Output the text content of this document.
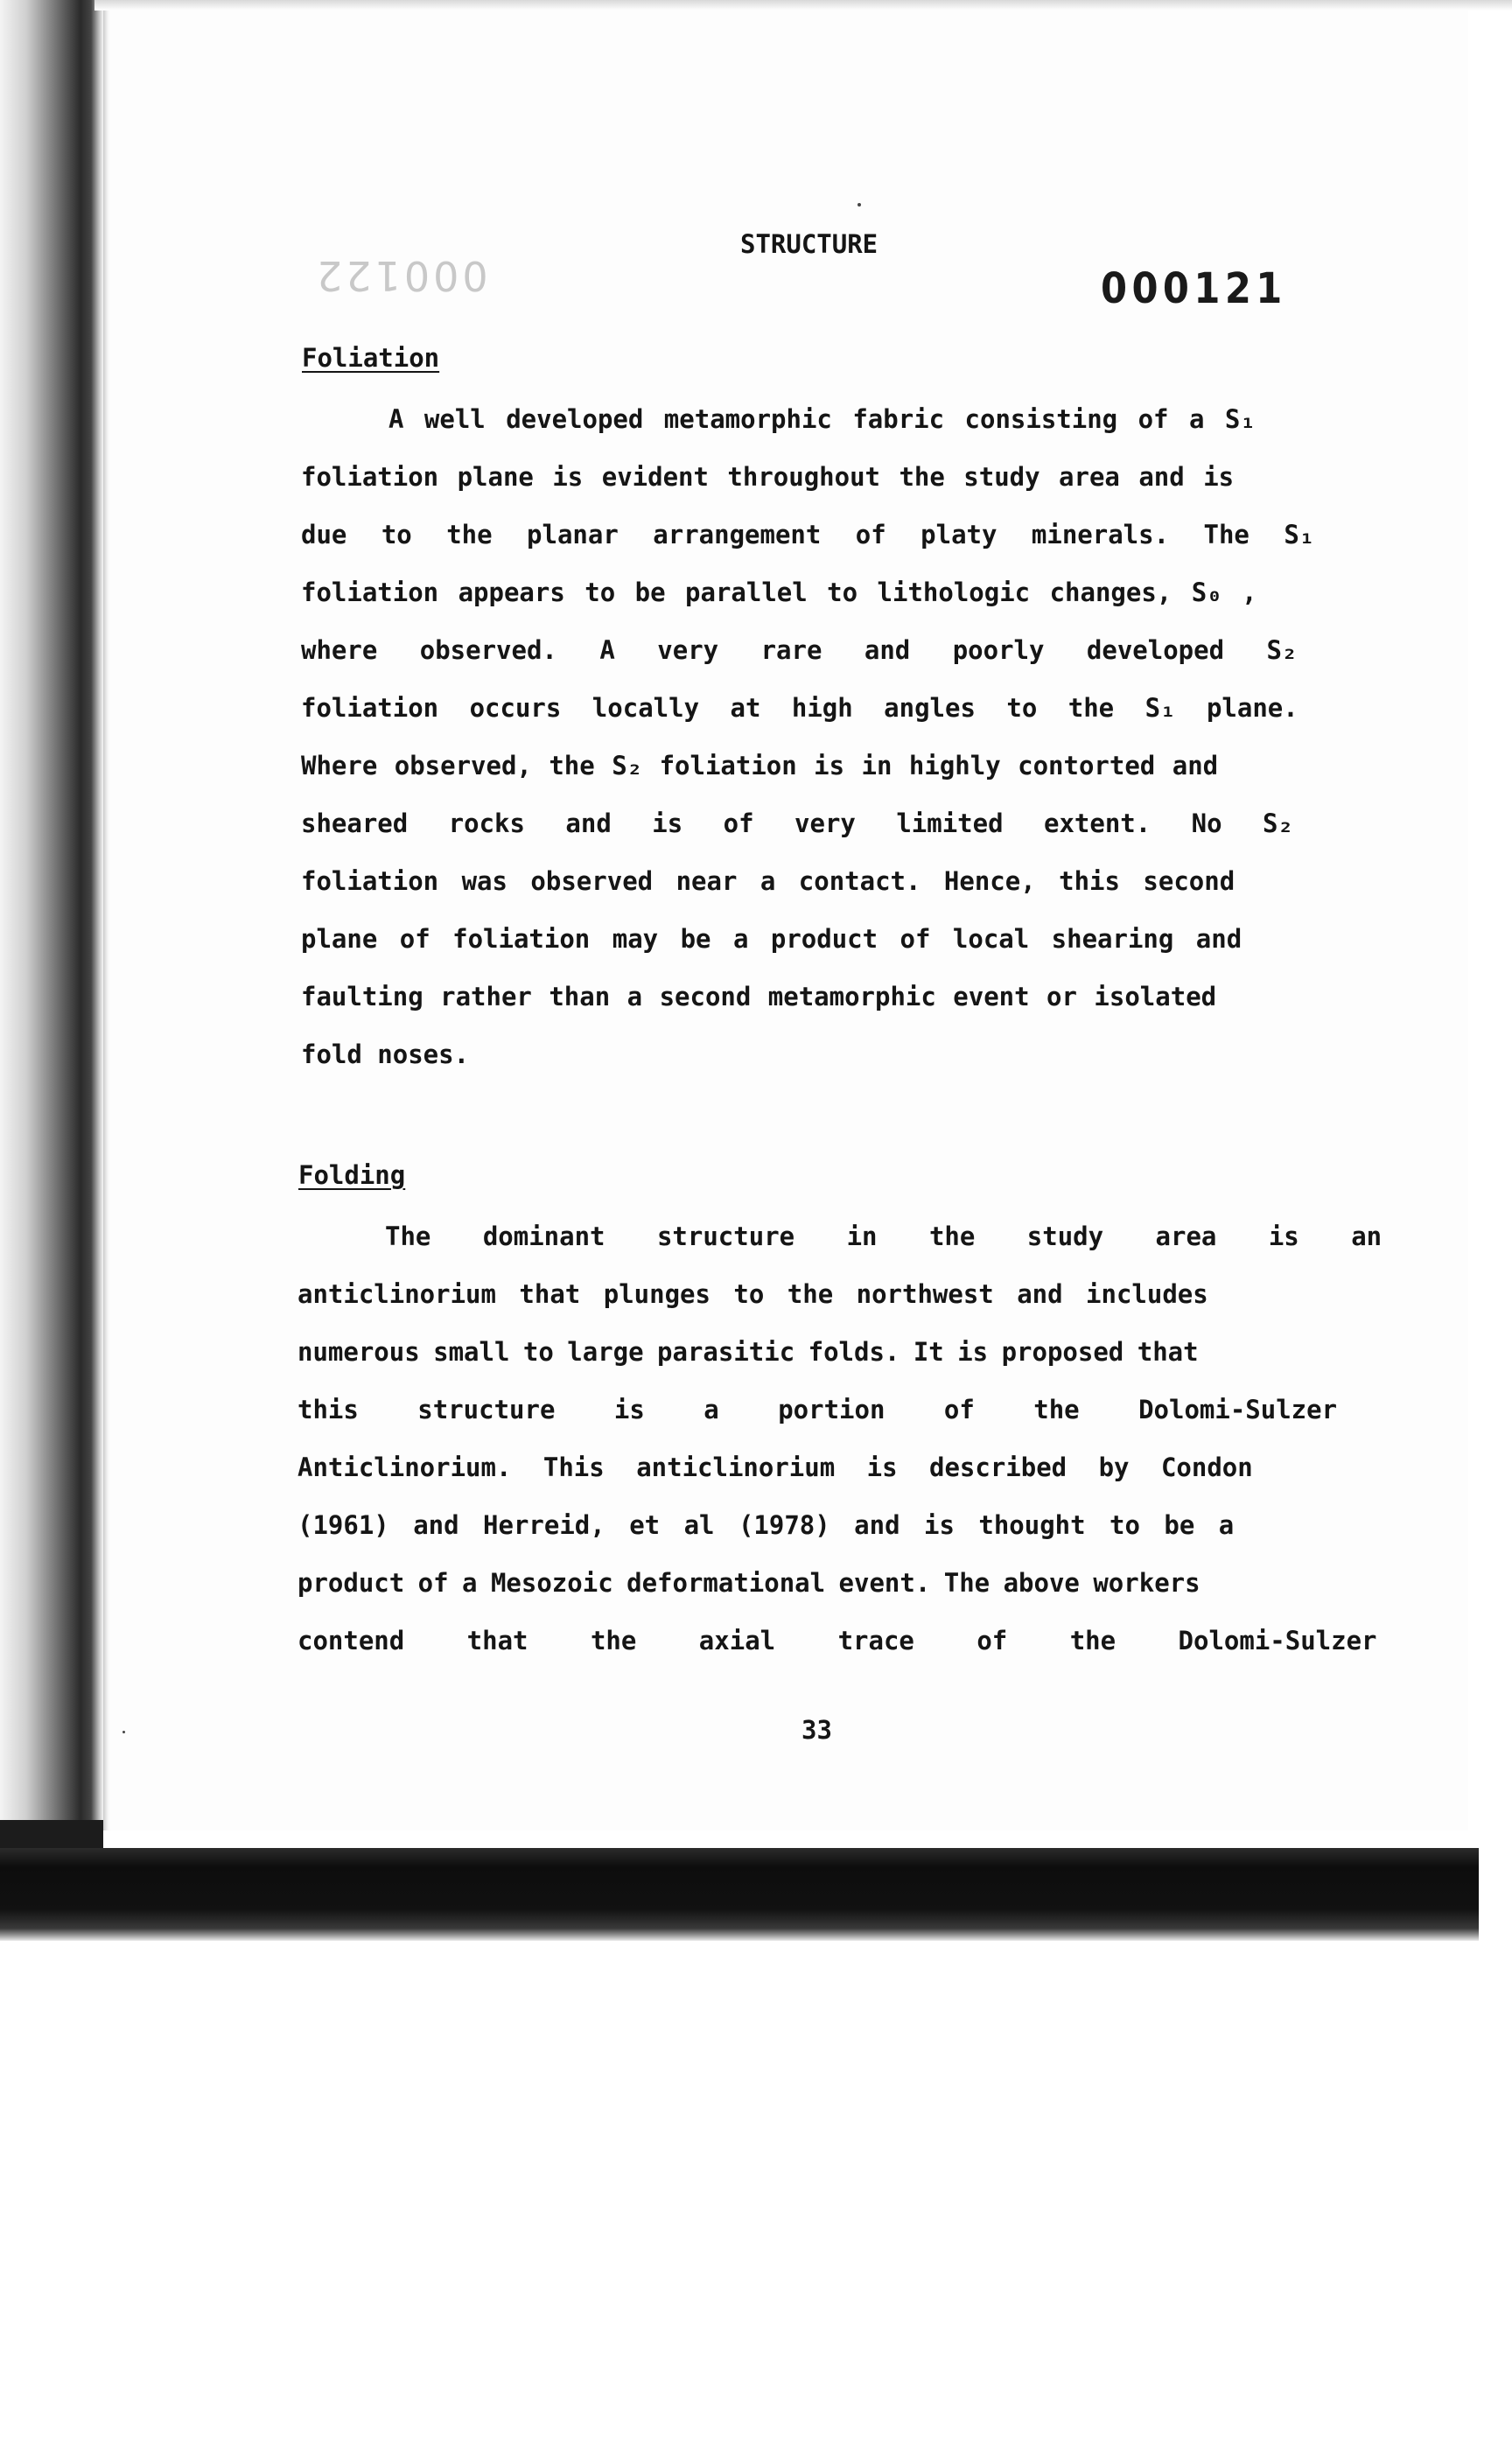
000122	000121
STRUCTURE
Foliation
A well developed metamorphic fabric consisting of a S₁
foliation plane is evident throughout the study area and is
due to the planar arrangement of platy minerals. The S₁
foliation appears to be parallel to lithologic changes, S₀ ,
where observed. A very rare and poorly developed S₂
foliation occurs locally at high angles to the S₁ plane.
Where observed, the S₂ foliation is in highly contorted and
sheared rocks and is of very limited extent. No S₂
foliation was observed near a contact. Hence, this second
plane of foliation may be a product of local shearing and
faulting rather than a second metamorphic event or isolated
fold noses.
Folding
The dominant structure in the study area is an
anticlinorium that plunges to the northwest and includes
numerous small to large parasitic folds. It is proposed that
this structure is a portion of the Dolomi-Sulzer
Anticlinorium. This anticlinorium is described by Condon
(1961) and Herreid, et al (1978) and is thought to be a
product of a Mesozoic deformational event. The above workers
contend that the axial trace of the Dolomi-Sulzer
33
